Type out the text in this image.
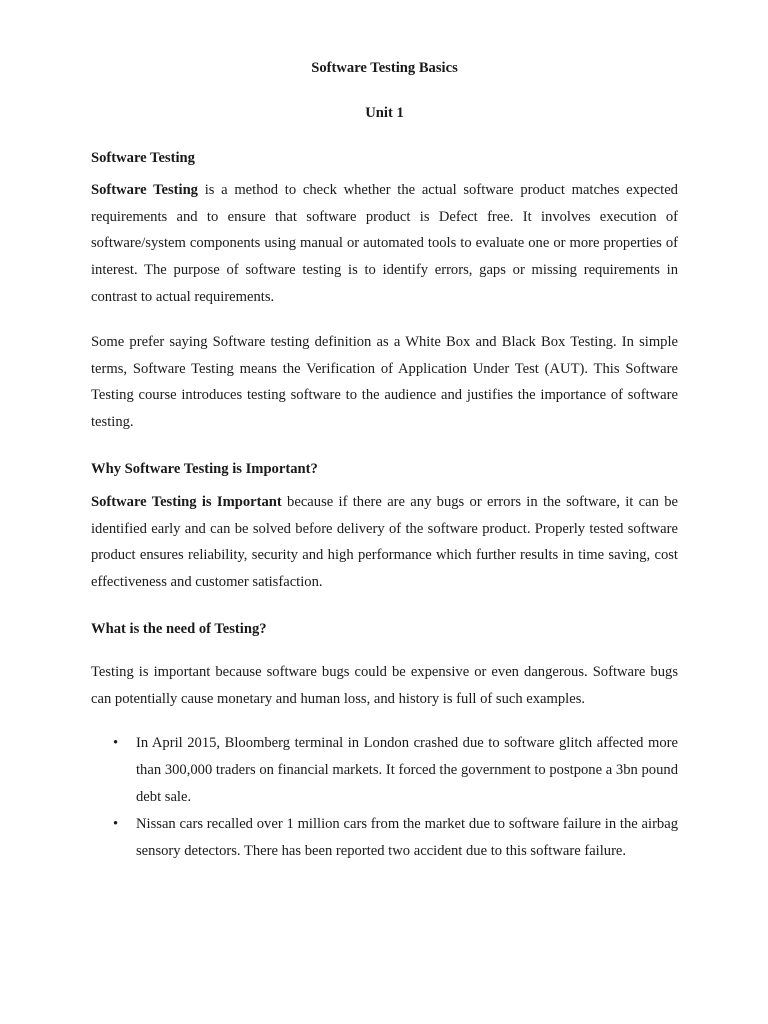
Software Testing Basics
Unit 1
Software Testing
Software Testing is a method to check whether the actual software product matches expected requirements and to ensure that software product is Defect free. It involves execution of software/system components using manual or automated tools to evaluate one or more properties of interest. The purpose of software testing is to identify errors, gaps or missing requirements in contrast to actual requirements.
Some prefer saying Software testing definition as a White Box and Black Box Testing. In simple terms, Software Testing means the Verification of Application Under Test (AUT). This Software Testing course introduces testing software to the audience and justifies the importance of software testing.
Why Software Testing is Important?
Software Testing is Important because if there are any bugs or errors in the software, it can be identified early and can be solved before delivery of the software product. Properly tested software product ensures reliability, security and high performance which further results in time saving, cost effectiveness and customer satisfaction.
What is the need of Testing?
Testing is important because software bugs could be expensive or even dangerous. Software bugs can potentially cause monetary and human loss, and history is full of such examples.
• In April 2015, Bloomberg terminal in London crashed due to software glitch affected more than 300,000 traders on financial markets. It forced the government to postpone a 3bn pound debt sale.
• Nissan cars recalled over 1 million cars from the market due to software failure in the airbag sensory detectors. There has been reported two accident due to this software failure.
